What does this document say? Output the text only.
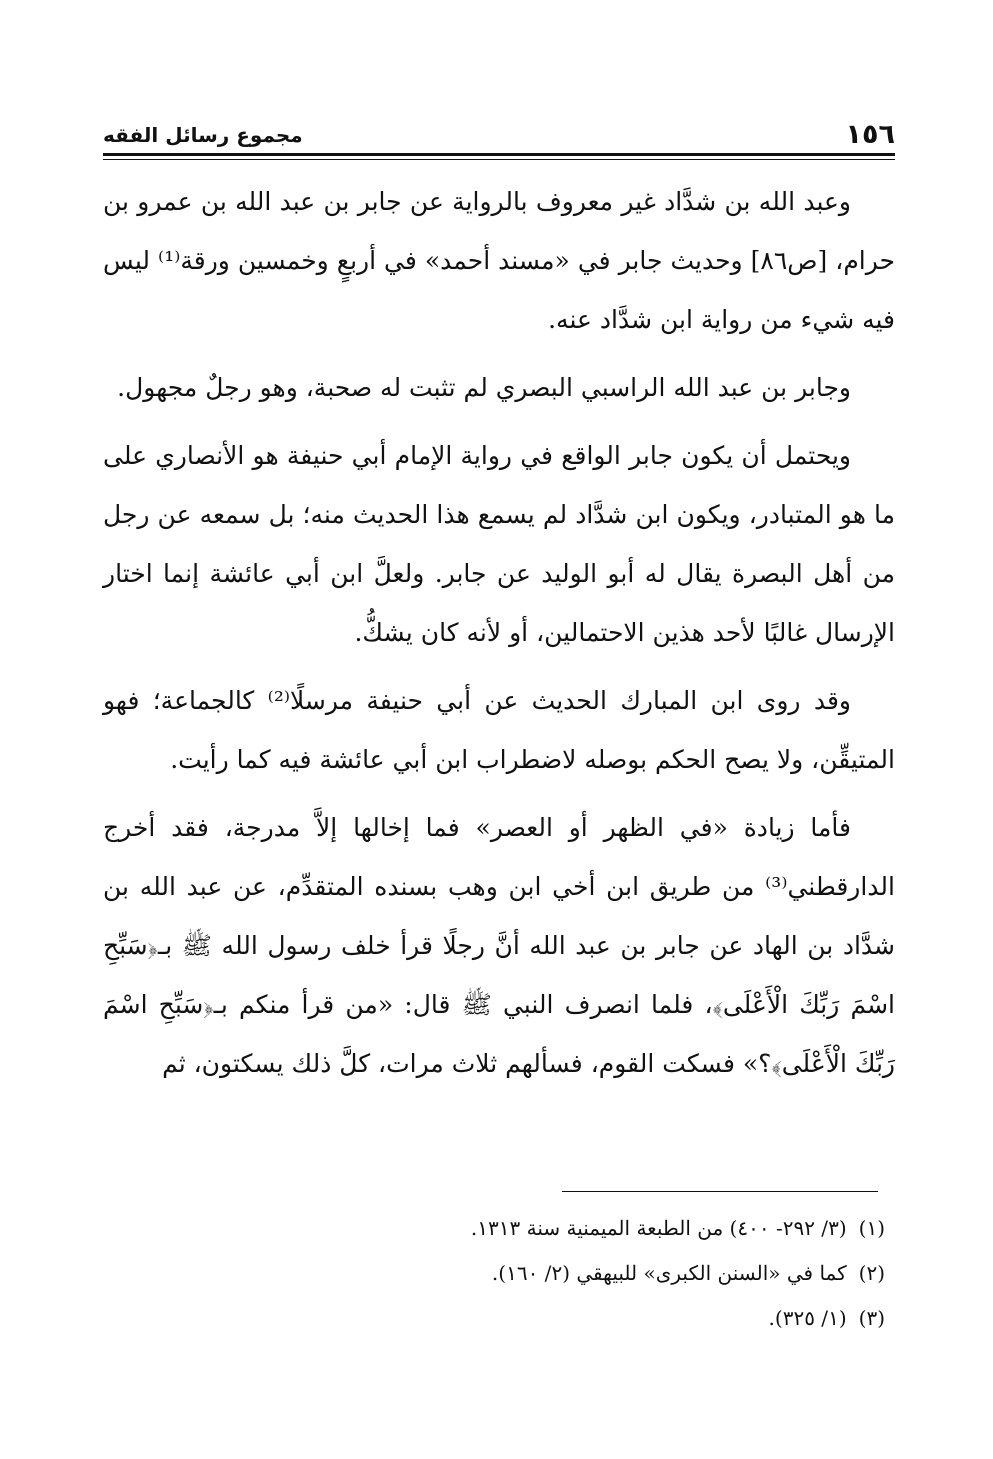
١٥٦
مجموع رسائل الفقه

وعبد الله بن شدَّاد غير معروف بالرواية عن جابر بن عبد الله بن عمرو بن حرام، [ص٨٦] وحديث جابر في «مسند أحمد» في أربعٍ وخمسين ورقة⁽¹⁾ ليس فيه شيء من رواية ابن شدَّاد عنه.

وجابر بن عبد الله الراسبي البصري لم تثبت له صحبة، وهو رجلٌ مجهول.

ويحتمل أن يكون جابر الواقع في رواية الإمام أبي حنيفة هو الأنصاري على ما هو المتبادر، ويكون ابن شدَّاد لم يسمع هذا الحديث منه؛ بل سمعه عن رجل من أهل البصرة يقال له أبو الوليد عن جابر. ولعلَّ ابن أبي عائشة إنما اختار الإرسال غالبًا لأحد هذين الاحتمالين، أو لأنه كان يشكُّ.

وقد روى ابن المبارك الحديث عن أبي حنيفة مرسلًا⁽²⁾ كالجماعة؛ فهو المتيقِّن، ولا يصح الحكم بوصله لاضطراب ابن أبي عائشة فيه كما رأيت.

فأما زيادة «في الظهر أو العصر» فما إخالها إلاَّ مدرجة، فقد أخرج الدارقطني⁽³⁾ من طريق ابن أخي ابن وهب بسنده المتقدِّم، عن عبد الله بن شدَّاد بن الهاد عن جابر بن عبد الله أنَّ رجلًا قرأ خلف رسول الله ﷺ بـ﴿سَبِّحِ اسْمَ رَبِّكَ الْأَعْلَى﴾، فلما انصرف النبي ﷺ قال: «من قرأ منكم بـ﴿سَبِّحِ اسْمَ رَبِّكَ الْأَعْلَى﴾؟» فسكت القوم، فسألهم ثلاث مرات، كلَّ ذلك يسكتون، ثم

(١)(٣/ ٢٩٢- ٤٠٠) من الطبعة الميمنية سنة ١٣١٣.
(٢)كما في «السنن الكبرى» للبيهقي (٢/ ١٦٠).
(٣)(١/ ٣٢٥).
